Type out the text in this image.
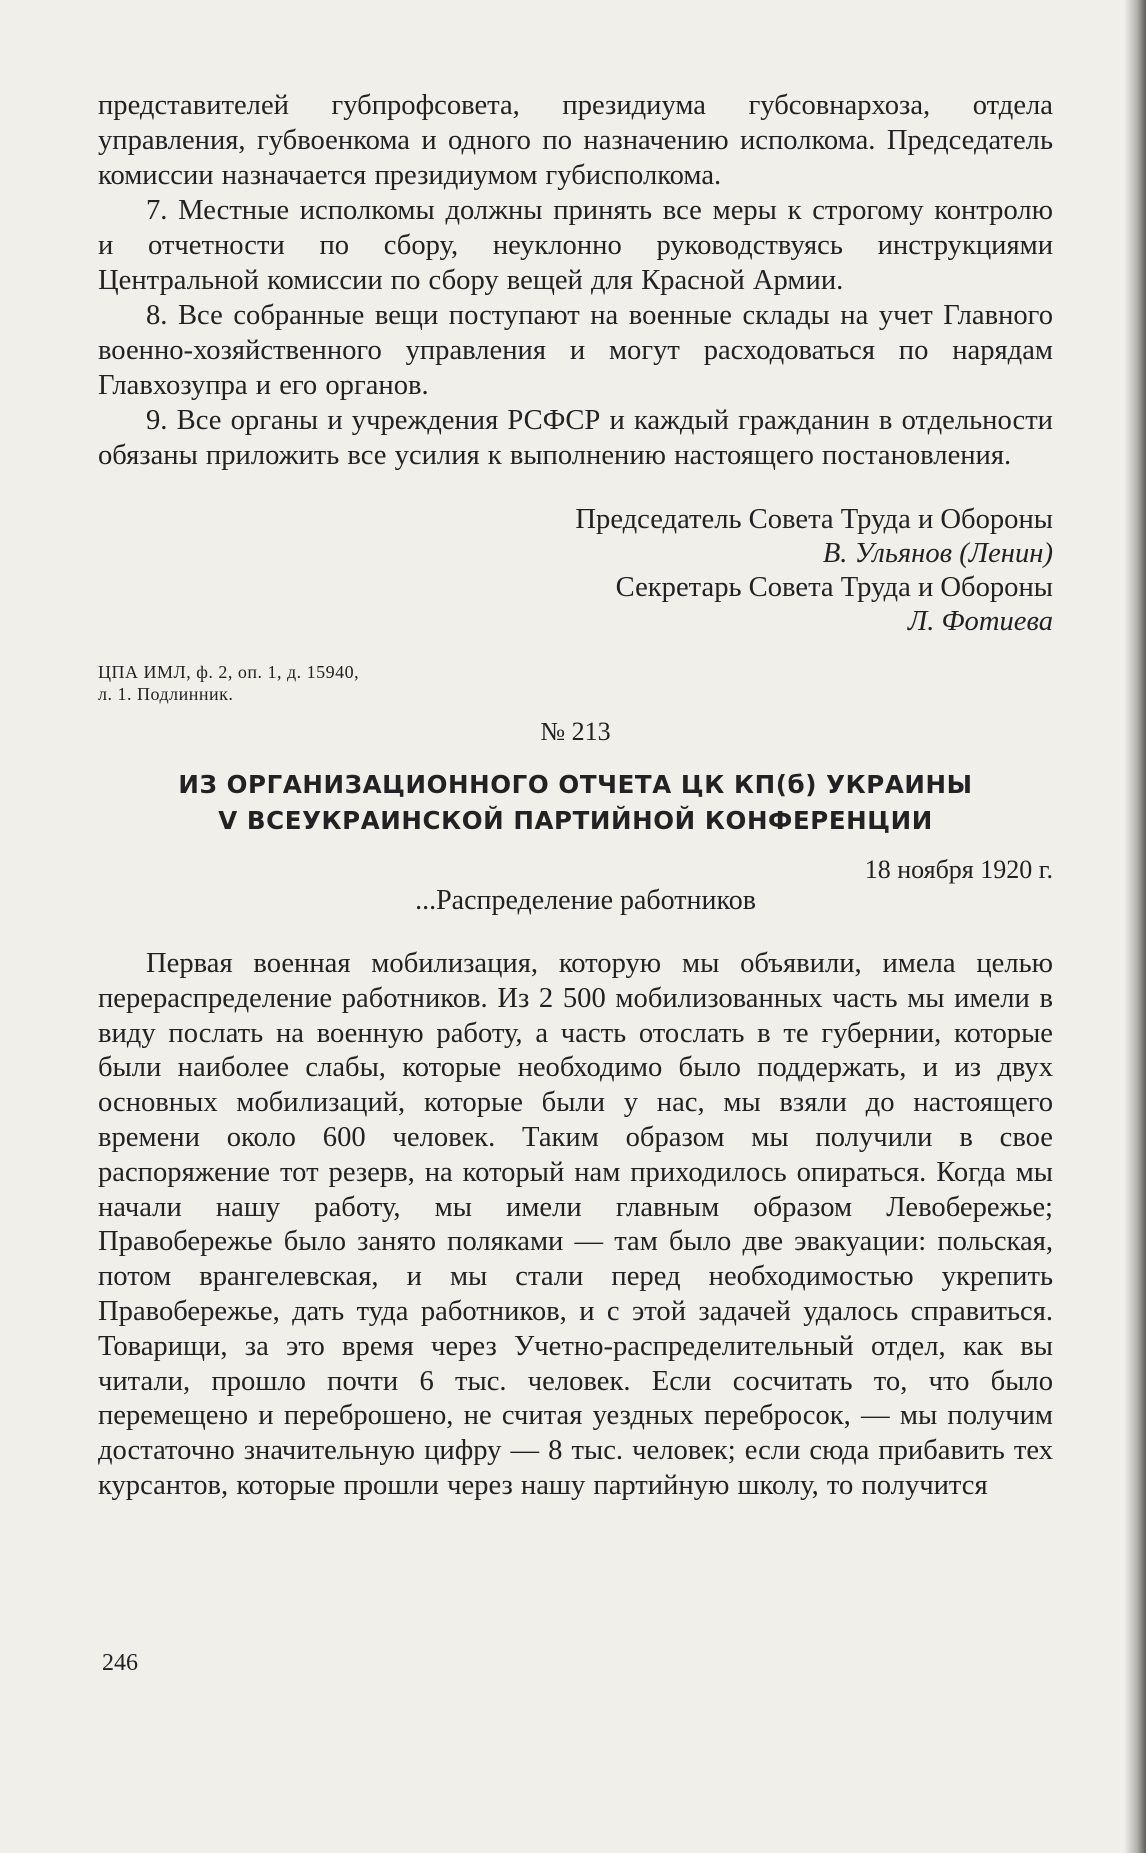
представителей губпрофсовета, президиума губсовнархоза, отдела управления, губвоенкома и одного по назначению исполкома. Председатель комиссии назначается президиумом губисполкома.

7. Местные исполкомы должны принять все меры к строгому контролю и отчетности по сбору, неуклонно руководствуясь инструкциями Центральной комиссии по сбору вещей для Красной Армии.

8. Все собранные вещи поступают на военные склады на учет Главного военно-хозяйственного управления и могут расходоваться по нарядам Главхозупра и его органов.

9. Все органы и учреждения РСФСР и каждый гражданин в отдельности обязаны приложить все усилия к выполнению настоящего постановления.

Председатель Совета Труда и Обороны
В. Ульянов (Ленин)
Секретарь Совета Труда и Обороны
Л. Фотиева
ЦПА ИМЛ, ф. 2, оп. 1, д. 15940,
л. 1. Подлинник.
№ 213
ИЗ ОРГАНИЗАЦИОННОГО ОТЧЕТА ЦК КП(б) УКРАИНЫ
V ВСЕУКРАИНСКОЙ ПАРТИЙНОЙ КОНФЕРЕНЦИИ
18 ноября 1920 г.
...Распределение работников

Первая военная мобилизация, которую мы объявили, имела целью перераспределение работников. Из 2 500 мобилизованных часть мы имели в виду послать на военную работу, а часть отослать в те губернии, которые были наиболее слабы, которые необходимо было поддержать, и из двух основных мобилизаций, которые были у нас, мы взяли до настоящего времени около 600 человек. Таким образом мы получили в свое распоряжение тот резерв, на который нам приходилось опираться. Когда мы начали нашу работу, мы имели главным образом Левобережье; Правобережье было занято поляками — там было две эвакуации: польская, потом врангелевская, и мы стали перед необходимостью укрепить Правобережье, дать туда работников, и с этой задачей удалось справиться. Товарищи, за это время через Учетно-распределительный отдел, как вы читали, прошло почти 6 тыс. человек. Если сосчитать то, что было перемещено и переброшено, не считая уездных перебросок, — мы получим достаточно значительную цифру — 8 тыс. человек; если сюда прибавить тех курсантов, которые прошли через нашу партийную школу, то получится

246
